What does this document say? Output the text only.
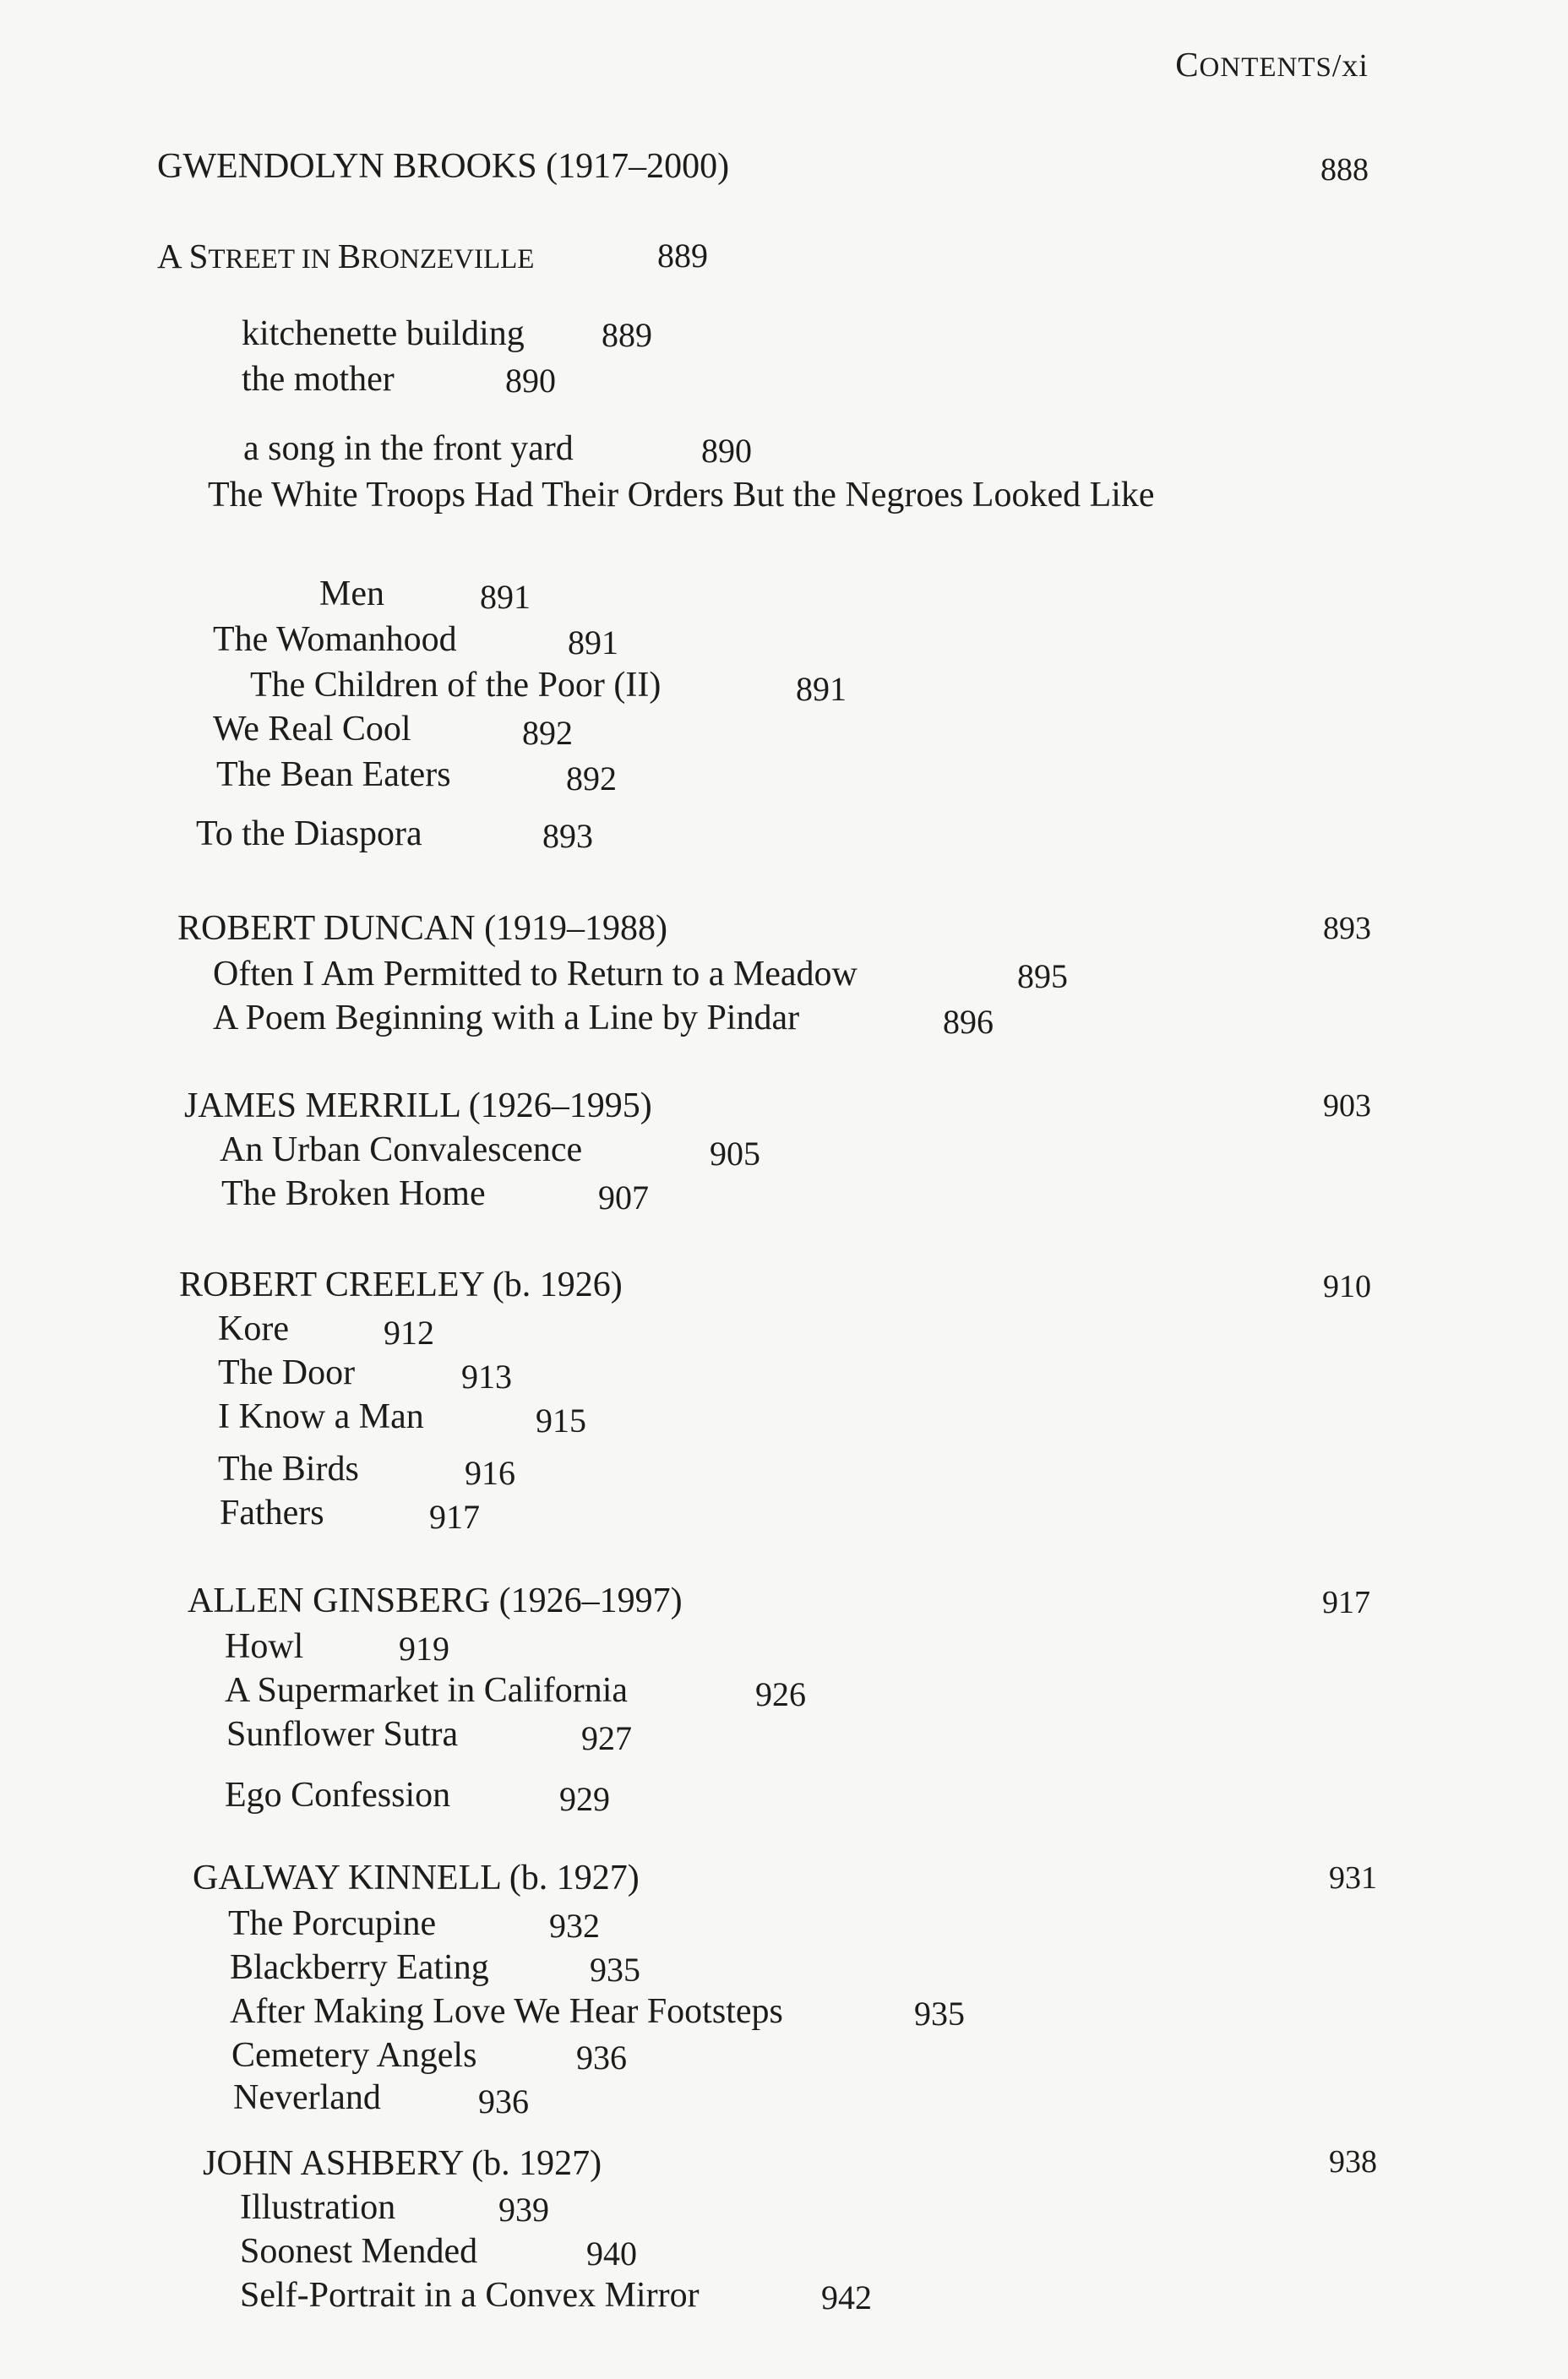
CONTENTS/xi
GWENDOLYN BROOKS (1917–2000)	888
A STREET IN BRONZEVILLE	889
kitchenette building 889
the mother	890
a song in the front yard	890
The White Troops Had Their Orders But the Negroes Looked Like
Men	891
The Womanhood	891
The Children of the Poor (II)	891
We Real Cool	892
The Bean Eaters	892
To the Diaspora	893
ROBERT DUNCAN (1919–1988)	893
Often I Am Permitted to Return to a Meadow	895
A Poem Beginning with a Line by Pindar	896
JAMES MERRILL (1926–1995)	903
An Urban Convalescence	905
The Broken Home	907
ROBERT CREELEY (b. 1926)	910
Kore	912
The Door	913
I Know a Man	915
The Birds	916
Fathers	917
ALLEN GINSBERG (1926–1997)	917
Howl	919
A Supermarket in California	926
Sunflower Sutra	927
Ego Confession	929
GALWAY KINNELL (b. 1927)	931
The Porcupine	932
Blackberry Eating	935
After Making Love We Hear Footsteps	935
Cemetery Angels	936
Neverland	936
JOHN ASHBERY (b. 1927)	938
Illustration	939
Soonest Mended	940
Self-Portrait in a Convex Mirror	942
